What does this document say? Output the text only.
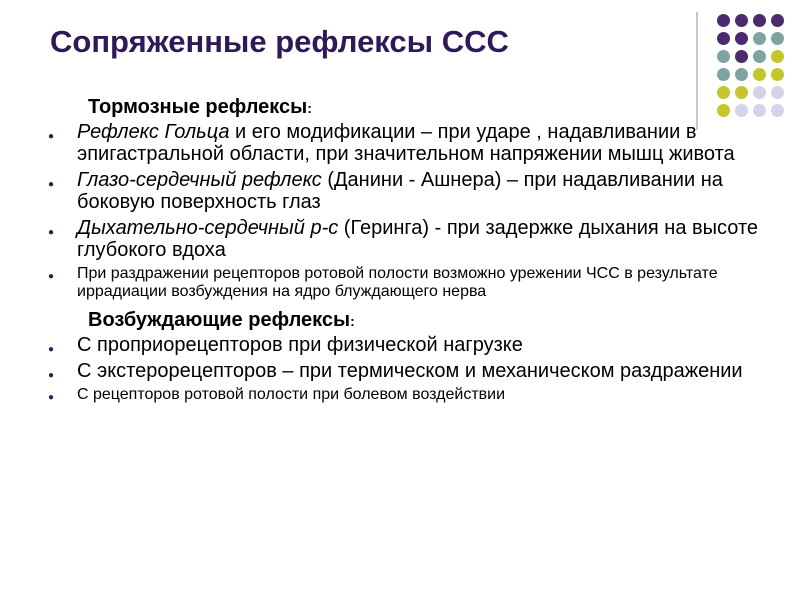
Сопряженные рефлексы ССС
Тормозные рефлексы:
● Рефлекс Гольца и его модификации – при ударе , надавливании в эпигастральной области, при значительном напряжении мышц живота
● Глазо-сердечный рефлекс (Данини - Ашнера) – при надавливании на боковую поверхность глаз
● Дыхательно-сердечный р-с (Геринга) - при задержке дыхания на высоте глубокого вдоха
● При раздражении рецепторов ротовой полости возможно урежении ЧСС в результате иррадиации возбуждения на ядро блуждающего нерва
Возбуждающие рефлексы:
● С проприорецепторов при физической нагрузке
● С экстерорецепторов – при термическом и механическом раздражении
● С рецепторов ротовой полости при болевом воздействии
